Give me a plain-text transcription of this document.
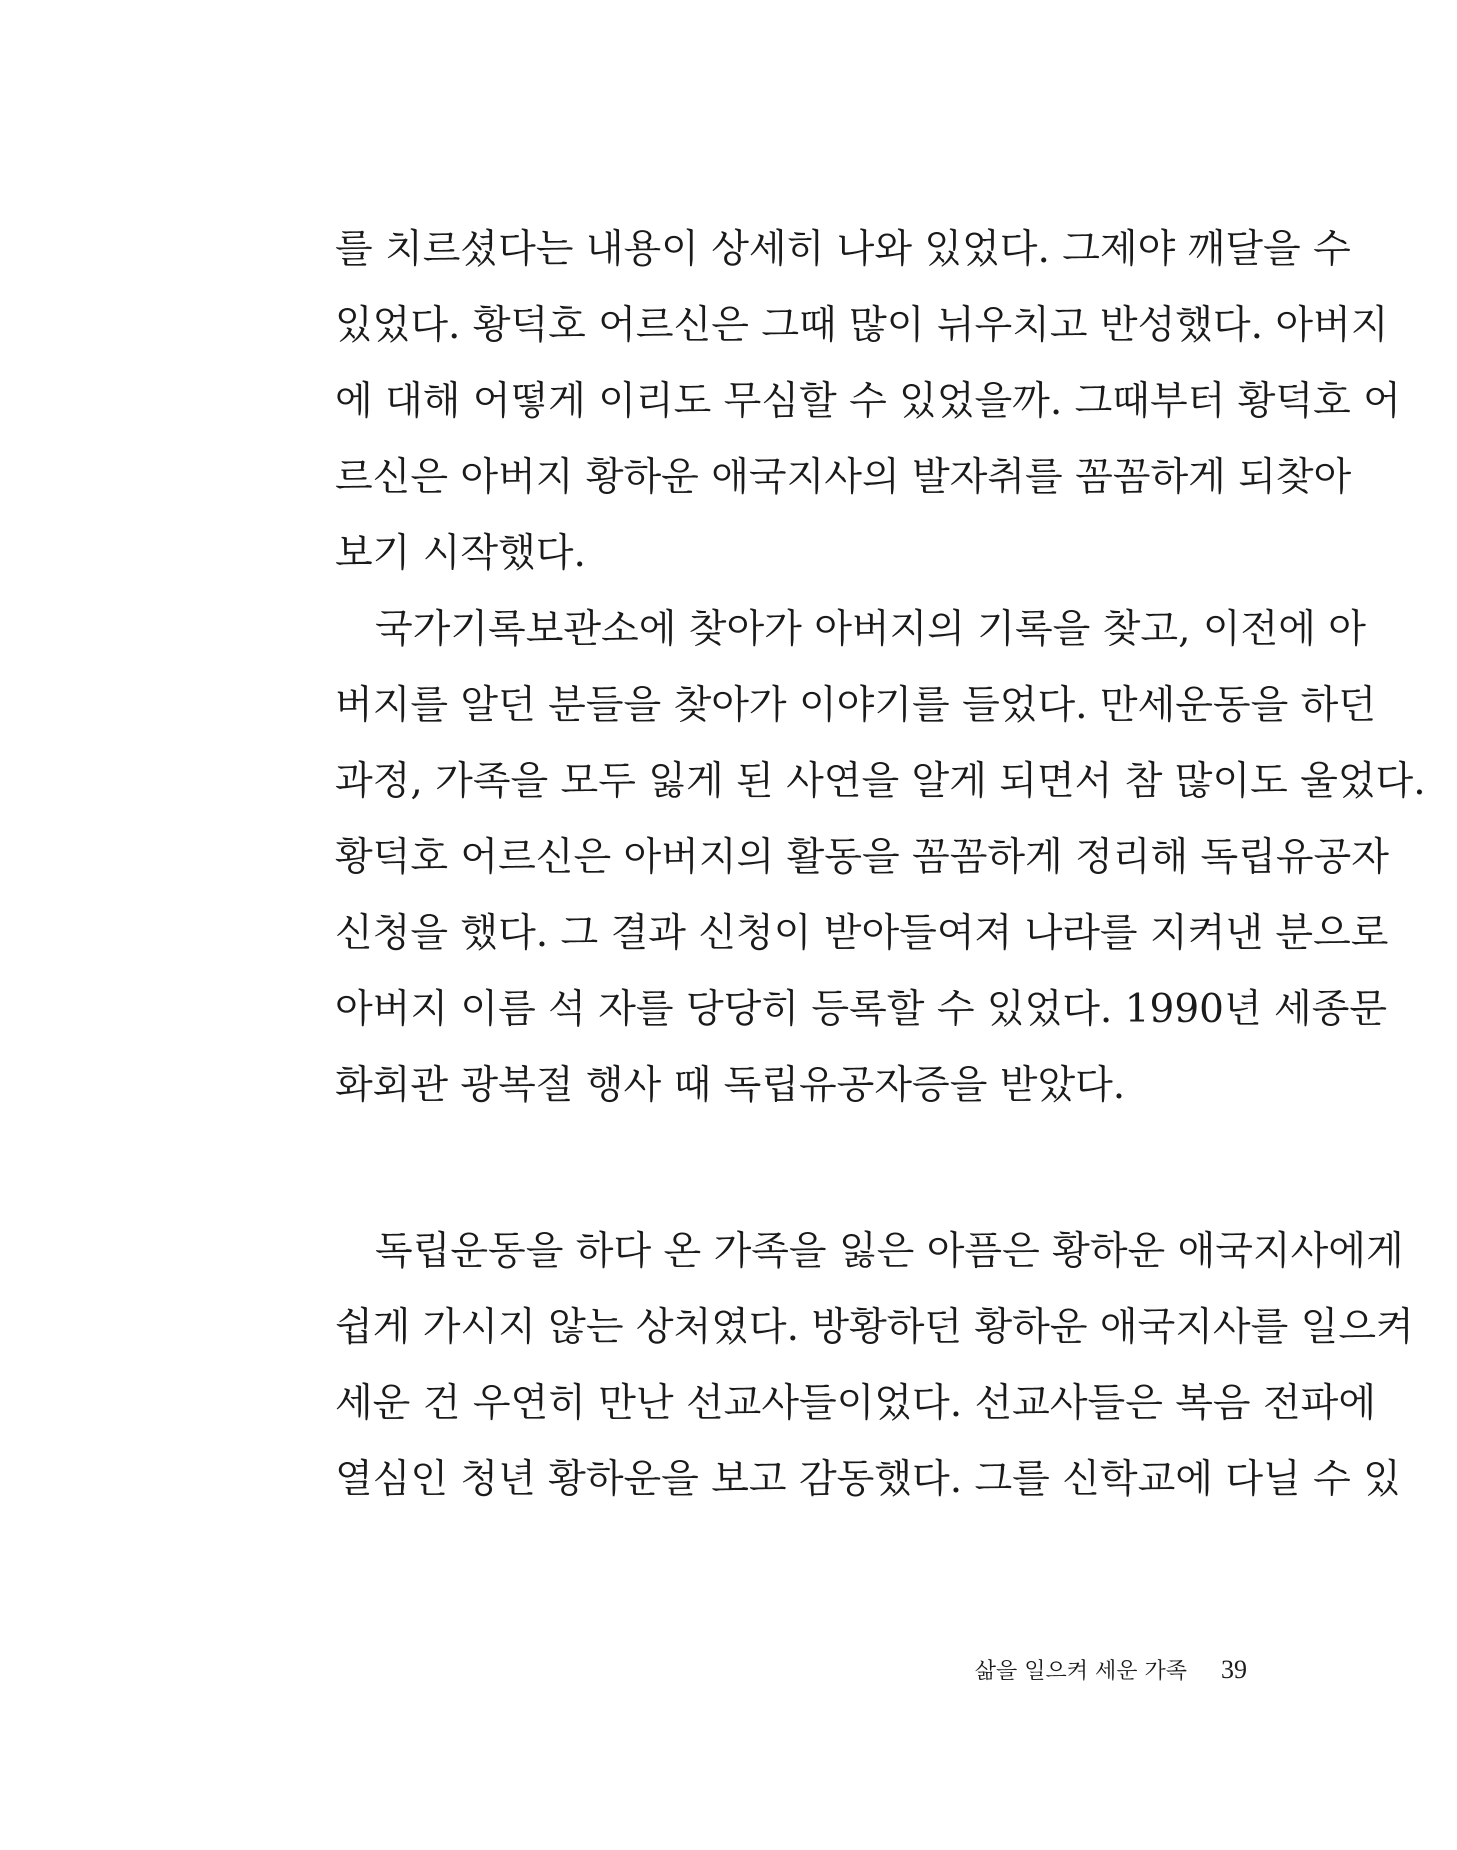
를 치르셨다는 내용이 상세히 나와 있었다. 그제야 깨달을 수
있었다. 황덕호 어르신은 그때 많이 뉘우치고 반성했다. 아버지
에 대해 어떻게 이리도 무심할 수 있었을까. 그때부터 황덕호 어
르신은 아버지 황하운 애국지사의 발자취를 꼼꼼하게 되찾아
보기 시작했다.
국가기록보관소에 찾아가 아버지의 기록을 찾고, 이전에 아
버지를 알던 분들을 찾아가 이야기를 들었다. 만세운동을 하던
과정, 가족을 모두 잃게 된 사연을 알게 되면서 참 많이도 울었다.
황덕호 어르신은 아버지의 활동을 꼼꼼하게 정리해 독립유공자
신청을 했다. 그 결과 신청이 받아들여져 나라를 지켜낸 분으로
아버지 이름 석 자를 당당히 등록할 수 있었다. 1990년 세종문
화회관 광복절 행사 때 독립유공자증을 받았다.
독립운동을 하다 온 가족을 잃은 아픔은 황하운 애국지사에게
쉽게 가시지 않는 상처였다. 방황하던 황하운 애국지사를 일으켜
세운 건 우연히 만난 선교사들이었다. 선교사들은 복음 전파에
열심인 청년 황하운을 보고 감동했다. 그를 신학교에 다닐 수 있
삶을 일으켜 세운 가족 39
